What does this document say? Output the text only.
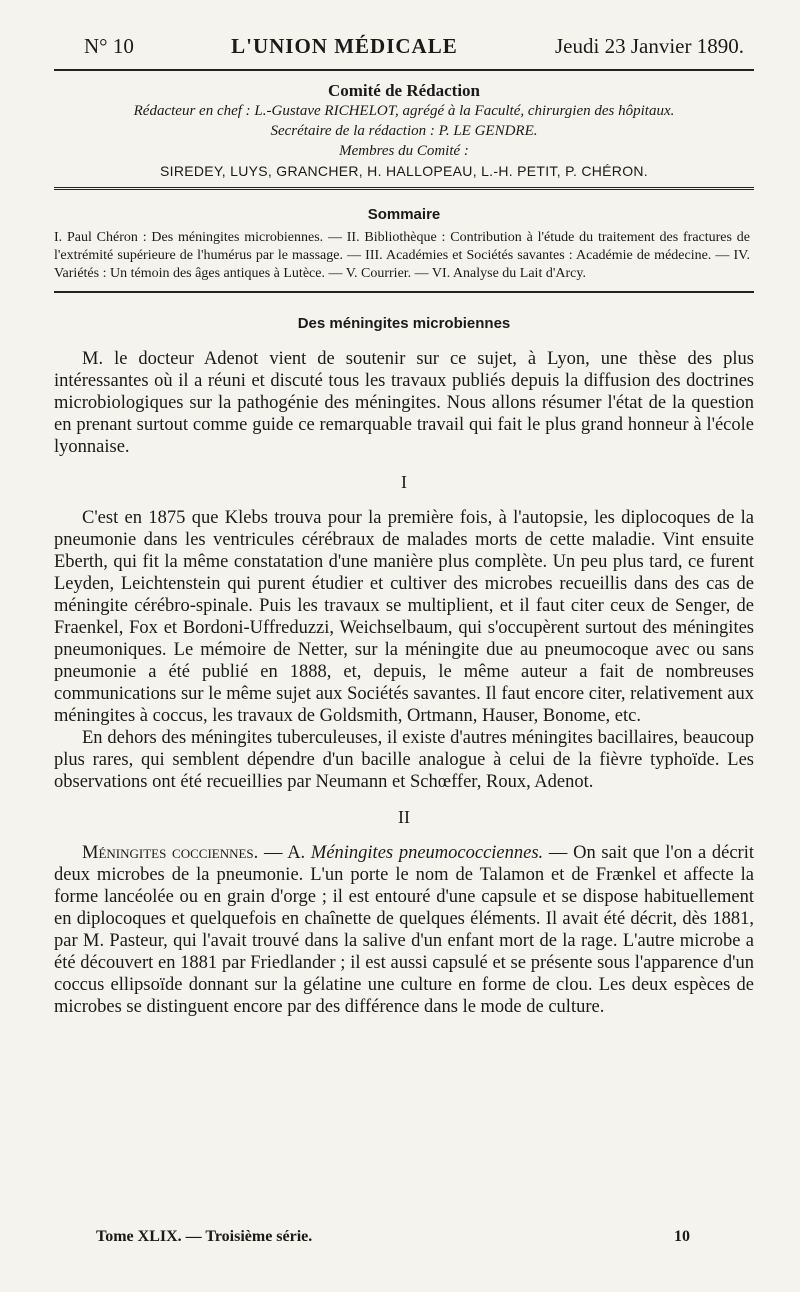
N° 10	L'UNION MÉDICALE	Jeudi 23 Janvier 1890.
Comité de Rédaction
Rédacteur en chef : L.-Gustave RICHELOT, agrégé à la Faculté, chirurgien des hôpitaux.
Secrétaire de la rédaction : P. LE GENDRE.
Membres du Comité :
SIREDEY, LUYS, GRANCHER, H. HALLOPEAU, L.-H. PETIT, P. CHÉRON.
Sommaire
I. Paul Chéron : Des méningites microbiennes. — II. Bibliothèque : Contribution à l'étude du traitement des fractures de l'extrémité supérieure de l'humérus par le massage. — III. Académies et Sociétés savantes : Académie de médecine. — IV. Variétés : Un témoin des âges antiques à Lutèce. — V. Courrier. — VI. Analyse du Lait d'Arcy.
Des méningites microbiennes

M. le docteur Adenot vient de soutenir sur ce sujet, à Lyon, une thèse des plus intéressantes où il a réuni et discuté tous les travaux publiés depuis la diffusion des doctrines microbiologiques sur la pathogénie des méningites. Nous allons résumer l'état de la question en prenant surtout comme guide ce remarquable travail qui fait le plus grand honneur à l'école lyonnaise.

I

C'est en 1875 que Klebs trouva pour la première fois, à l'autopsie, les diplocoques de la pneumonie dans les ventricules cérébraux de malades morts de cette maladie. Vint ensuite Eberth, qui fit la même constatation d'une manière plus complète. Un peu plus tard, ce furent Leyden, Leichtenstein qui purent étudier et cultiver des microbes recueillis dans des cas de méningite cérébro-spinale. Puis les travaux se multiplient, et il faut citer ceux de Senger, de Fraenkel, Fox et Bordoni-Uffreduzzi, Weichselbaum, qui s'occupèrent surtout des méningites pneumoniques. Le mémoire de Netter, sur la méningite due au pneumocoque avec ou sans pneumonie a été publié en 1888, et, depuis, le même auteur a fait de nombreuses communications sur le même sujet aux Sociétés savantes. Il faut encore citer, relativement aux méningites à coccus, les travaux de Goldsmith, Ortmann, Hauser, Bonome, etc.

En dehors des méningites tuberculeuses, il existe d'autres méningites bacillaires, beaucoup plus rares, qui semblent dépendre d'un bacille analogue à celui de la fièvre typhoïde. Les observations ont été recueillies par Neumann et Schœffer, Roux, Adenot.

II

Méningites cocciennes. — A. Méningites pneumococciennes. — On sait que l'on a décrit deux microbes de la pneumonie. L'un porte le nom de Talamon et de Frænkel et affecte la forme lancéolée ou en grain d'orge ; il est entouré d'une capsule et se dispose habituellement en diplocoques et quelquefois en chaînette de quelques éléments. Il avait été décrit, dès 1881, par M. Pasteur, qui l'avait trouvé dans la salive d'un enfant mort de la rage. L'autre microbe a été découvert en 1881 par Friedlander ; il est aussi capsulé et se présente sous l'apparence d'un coccus ellipsoïde donnant sur la gélatine une culture en forme de clou. Les deux espèces de microbes se distinguent encore par des différence dans le mode de culture.

Tome XLIX. — Troisième série.	10
